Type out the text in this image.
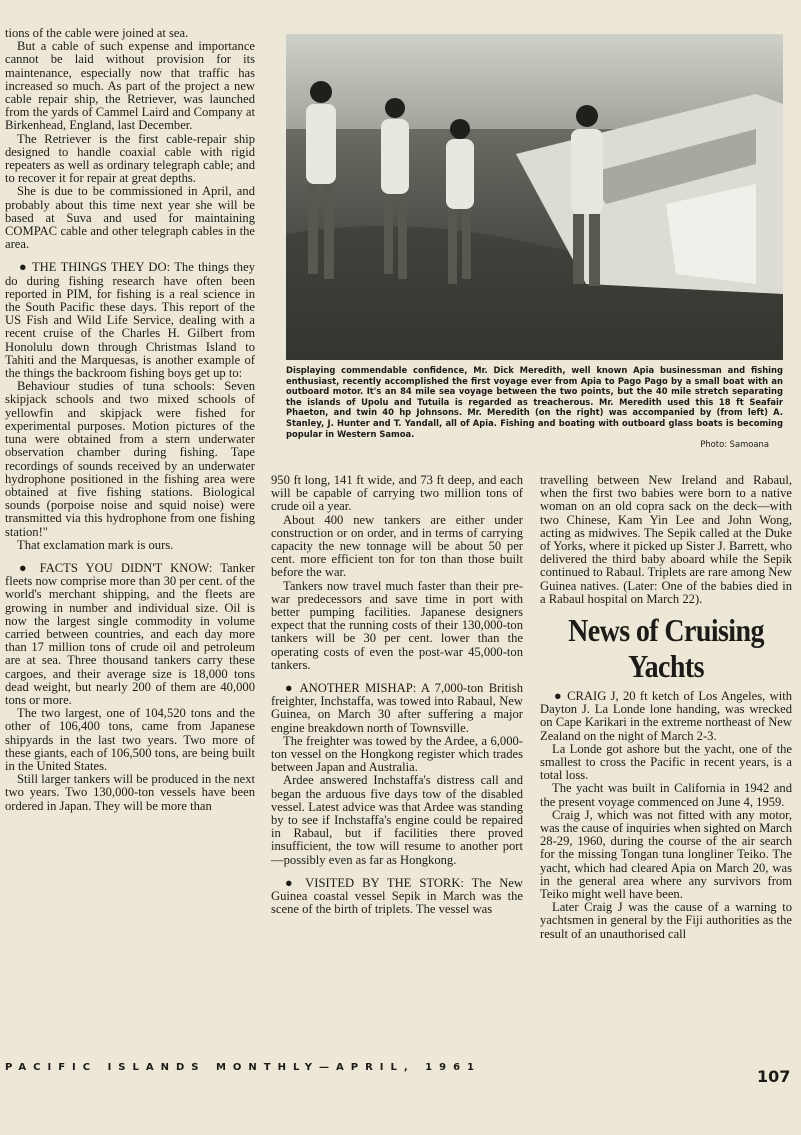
tions of the cable were joined at sea.

But a cable of such expense and importance cannot be laid without provision for its maintenance, especially now that traffic has increased so much. As part of the project a new cable repair ship, the Retriever, was launched from the yards of Cammel Laird and Company at Birkenhead, England, last December.

The Retriever is the first cable-repair ship designed to handle coaxial cable with rigid repeaters as well as ordinary telegraph cable; and to recover it for repair at great depths.

She is due to be commissioned in April, and probably about this time next year she will be based at Suva and used for maintaining COMPAC cable and other telegraph cables in the area.

● THE THINGS THEY DO: The things they do during fishing research have often been reported in PIM, for fishing is a real science in the South Pacific these days. This report of the US Fish and Wild Life Service, dealing with a recent cruise of the Charles H. Gilbert from Honolulu down through Christmas Island to Tahiti and the Marquesas, is another example of the things the backroom fishing boys get up to:

Behaviour studies of tuna schools: Seven skipjack schools and two mixed schools of yellowfin and skipjack were fished for experimental purposes. Motion pictures of the tuna were obtained from a stern underwater observation chamber during fishing. Tape recordings of sounds received by an underwater hydrophone positioned in the fishing area were obtained at five fishing stations. Biological sounds (porpoise noise and squid noise) were transmitted via this hydrophone from one fishing station!"

That exclamation mark is ours.

● FACTS YOU DIDN'T KNOW: Tanker fleets now comprise more than 30 per cent. of the world's merchant shipping, and the fleets are growing in number and individual size. Oil is now the largest single commodity in volume carried between countries, and each day more than 17 million tons of crude oil and petroleum are at sea. Three thousand tankers carry these cargoes, and their average size is 18,000 tons dead weight, but nearly 200 of them are 40,000 tons or more.

The two largest, one of 104,520 tons and the other of 106,400 tons, came from Japanese shipyards in the last two years. Two more of these giants, each of 106,500 tons, are being built in the United States.

Still larger tankers will be produced in the next two years. Two 130,000-ton vessels have been ordered in Japan. They will be more than

Displaying commendable confidence, Mr. Dick Meredith, well known Apia businessman and fishing enthusiast, recently accomplished the first voyage ever from Apia to Pago Pago by a small boat with an outboard motor. It's an 84 mile sea voyage between the two points, but the 40 mile stretch separating the islands of Upolu and Tutuila is regarded as treacherous. Mr. Meredith used this 18 ft Seafair Phaeton, and twin 40 hp Johnsons. Mr. Meredith (on the right) was accompanied by (from left) A. Stanley, J. Hunter and T. Yandall, all of Apia. Fishing and boating with outboard glass boats is becoming popular in Western Samoa.
Photo: Samoana

950 ft long, 141 ft wide, and 73 ft deep, and each will be capable of carrying two million tons of crude oil a year.

About 400 new tankers are either under construction or on order, and in terms of carrying capacity the new tonnage will be about 50 per cent. more efficient ton for ton than those built before the war.

Tankers now travel much faster than their pre-war predecessors and save time in port with better pumping facilities. Japanese designers expect that the running costs of their 130,000-ton tankers will be 30 per cent. lower than the operating costs of even the post-war 45,000-ton tankers.

● ANOTHER MISHAP: A 7,000-ton British freighter, Inchstaffa, was towed into Rabaul, New Guinea, on March 30 after suffering a major engine breakdown north of Townsville.

The freighter was towed by the Ardee, a 6,000-ton vessel on the Hongkong register which trades between Japan and Australia.

Ardee answered Inchstaffa's distress call and began the arduous five days tow of the disabled vessel. Latest advice was that Ardee was standing by to see if Inchstaffa's engine could be repaired in Rabaul, but if facilities there proved insufficient, the tow will resume to another port—possibly even as far as Hongkong.

● VISITED BY THE STORK: The New Guinea coastal vessel Sepik in March was the scene of the birth of triplets. The vessel was

travelling between New Ireland and Rabaul, when the first two babies were born to a native woman on an old copra sack on the deck—with two Chinese, Kam Yin Lee and John Wong, acting as midwives. The Sepik called at the Duke of Yorks, where it picked up Sister J. Barrett, who delivered the third baby aboard while the Sepik continued to Rabaul. Triplets are rare among New Guinea natives. (Later: One of the babies died in a Rabaul hospital on March 22).

News of Cruising Yachts

● CRAIG J, 20 ft ketch of Los Angeles, with Dayton J. La Londe lone handing, was wrecked on Cape Karikari in the extreme northeast of New Zealand on the night of March 2-3.

La Londe got ashore but the yacht, one of the smallest to cross the Pacific in recent years, is a total loss.

The yacht was built in California in 1942 and the present voyage commenced on June 4, 1959.

Craig J, which was not fitted with any motor, was the cause of inquiries when sighted on March 28-29, 1960, during the course of the air search for the missing Tongan tuna longliner Teiko. The yacht, which had cleared Apia on March 20, was in the general area where any survivors from Teiko might well have been.

Later Craig J was the cause of a warning to yachtsmen in general by the Fiji authorities as the result of an unauthorised call

PACIFIC ISLANDS MONTHLY—APRIL, 1961	107
